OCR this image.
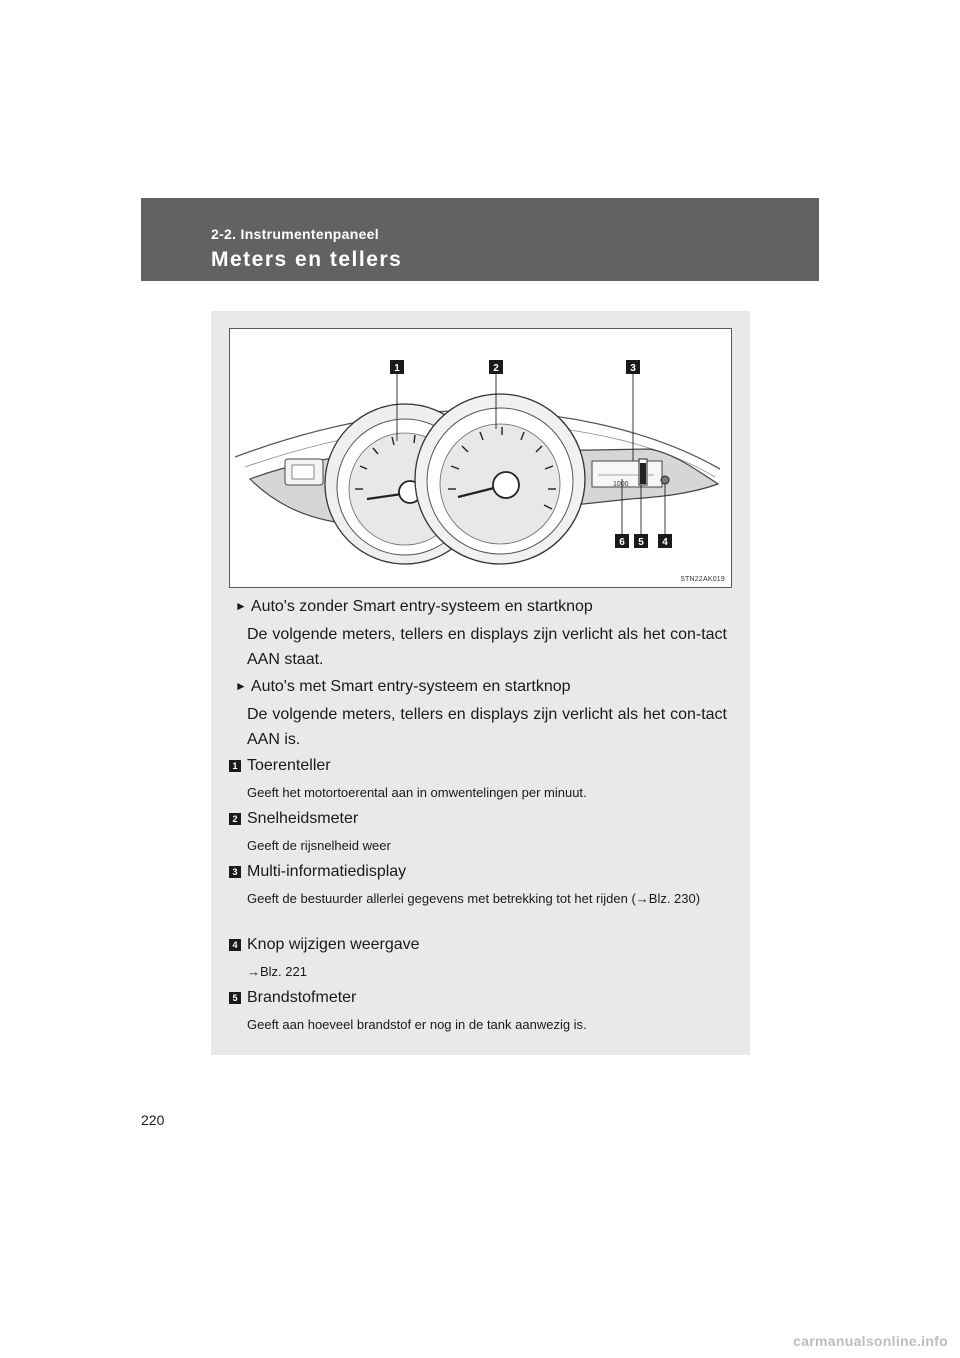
2-2. Instrumentenpaneel
Meters en tellers
1000
1	2	3
6 5 4
STN22AK019
► Auto's zonder Smart entry-systeem en startknop
De volgende meters, tellers en displays zijn verlicht als het con-tact AAN staat.
► Auto's met Smart entry-systeem en startknop
De volgende meters, tellers en displays zijn verlicht als het con-tact AAN is.
1 Toerenteller
Geeft het motortoerental aan in omwentelingen per minuut.
2 Snelheidsmeter
Geeft de rijsnelheid weer
3 Multi-informatiedisplay
Geeft de bestuurder allerlei gegevens met betrekking tot het rijden (→Blz. 230)
4 Knop wijzigen weergave
→Blz. 221
5 Brandstofmeter
Geeft aan hoeveel brandstof er nog in de tank aanwezig is.
220
carmanualsonline.info
